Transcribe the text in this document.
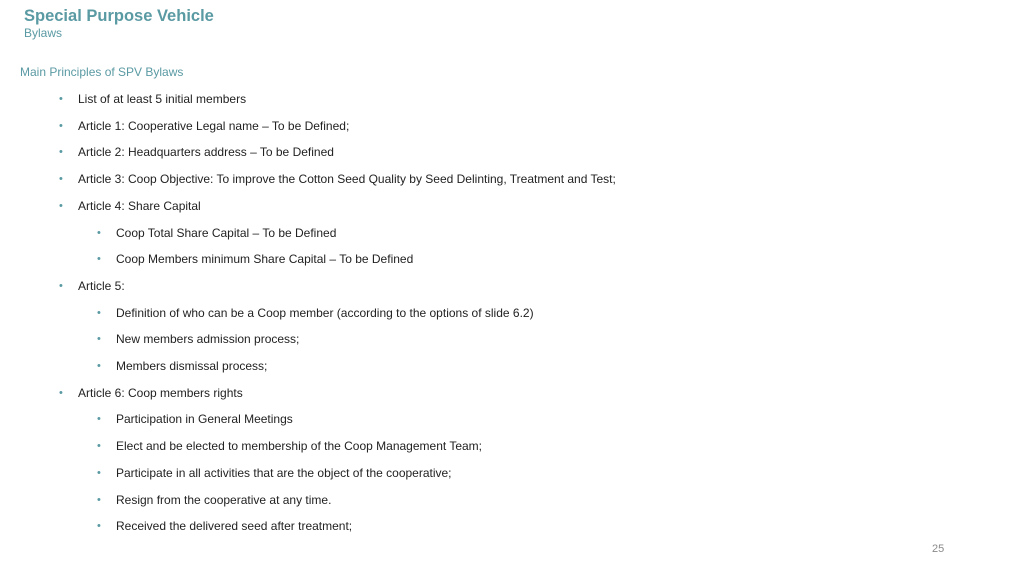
Special Purpose Vehicle
Bylaws
Main Principles of SPV Bylaws
• List of at least 5 initial members
• Article 1: Cooperative Legal name – To be Defined;
• Article 2: Headquarters address – To be Defined
• Article 3: Coop Objective: To improve the Cotton Seed Quality by Seed Delinting, Treatment and Test;
• Article 4: Share Capital
• Coop Total Share Capital – To be Defined
• Coop Members minimum Share Capital – To be Defined
• Article 5:
• Definition of who can be a Coop member (according to the options of slide 6.2)
• New members admission process;
• Members dismissal process;
• Article 6: Coop members rights
• Participation in General Meetings
• Elect and be elected to membership of the Coop Management Team;
• Participate in all activities that are the object of the cooperative;
• Resign from the cooperative at any time.
• Received the delivered seed after treatment;
25
